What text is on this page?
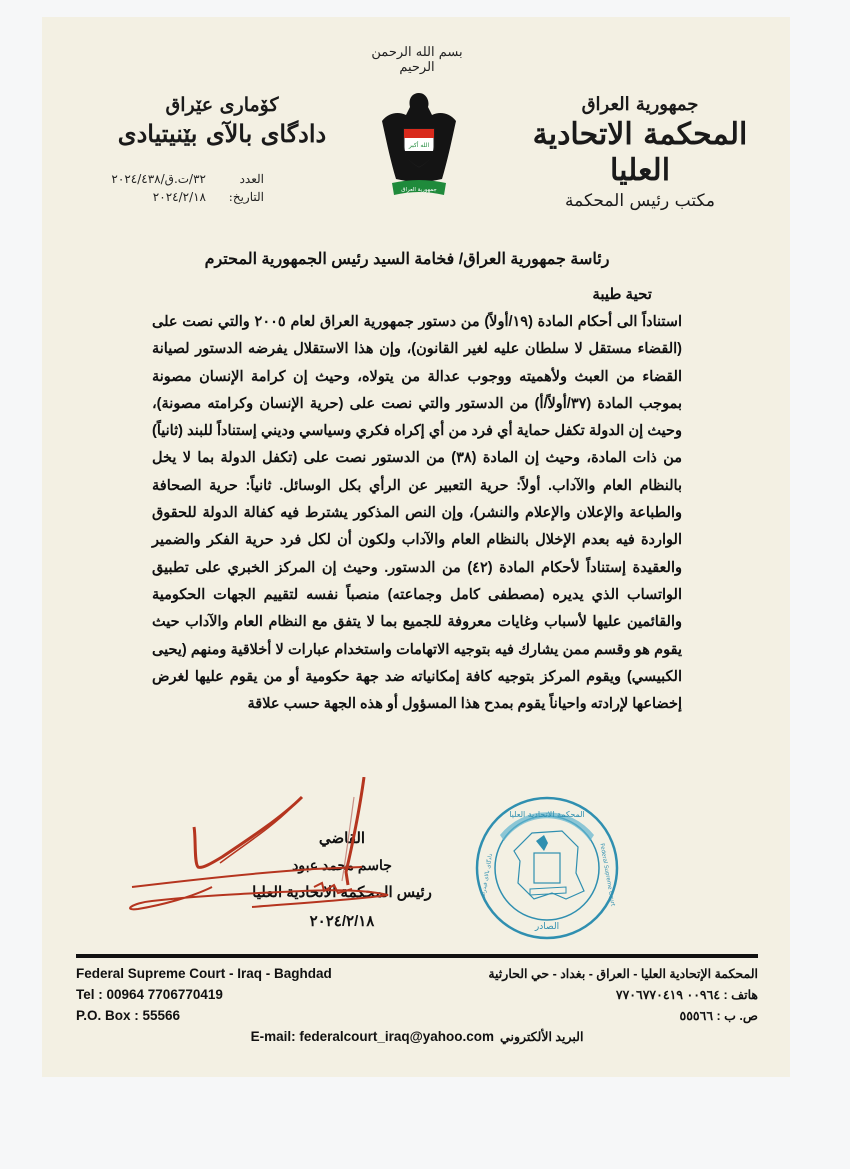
بسم الله الرحمن الرحيم
جمهورية العراق
المحكمة الاتحادية العليا
مكتب رئيس المحكمة
كۆماری عێراق
دادگای بالآی بێنیتیادی
العدد
٣٢/ت.ق/٢٠٢٤/٤٣٨
التاريخ:
٢٠٢٤/٢/١٨
الله أكبر
جمهورية العراق

رئاسة جمهورية العراق/ فخامة السيد رئيس الجمهورية المحترم

تحية طيبة

استناداً الى أحكام المادة (١٩/أولاً) من دستور جمهورية العراق لعام ٢٠٠٥ والتي نصت على (القضاء مستقل لا سلطان عليه لغير القانون)، وإن هذا الاستقلال يفرضه الدستور لصيانة القضاء من العبث ولأهميته ووجوب عدالة من يتولاه، وحيث إن كرامة الإنسان مصونة بموجب المادة (٣٧/أولاً/أ) من الدستور والتي نصت على (حرية الإنسان وكرامته مصونة)، وحيث إن الدولة تكفل حماية أي فرد من أي إكراه فكري وسياسي وديني إستناداً للبند (ثانياً) من ذات المادة، وحيث إن المادة (٣٨) من الدستور نصت على (تكفل الدولة بما لا يخل بالنظام العام والآداب. أولاً: حرية التعبير عن الرأي بكل الوسائل. ثانياً: حرية الصحافة والطباعة والإعلان والإعلام والنشر)، وإن النص المذكور يشترط فيه كفالة الدولة للحقوق الواردة فيه بعدم الإخلال بالنظام العام والآداب ولكون أن لكل فرد حرية الفكر والضمير والعقيدة إستناداً لأحكام المادة (٤٢) من الدستور. وحيث إن المركز الخبري على تطبيق الواتساب الذي يديره (مصطفى كامل وجماعته) منصباً نفسه لتقييم الجهات الحكومية والقائمين عليها لأسباب وغايات معروفة للجميع بما لا يتفق مع النظام العام والآداب حيث يقوم هو وقسم ممن يشارك فيه بتوجيه الاتهامات واستخدام عبارات لا أخلاقية ومنهم (يحيى الكبيسي) ويقوم المركز بتوجيه كافة إمكانياته ضد جهة حكومية أو من يقوم عليها لغرض إخضاعها لإرادته واحياناً يقوم بمدح هذا المسؤول أو هذه الجهة حسب علاقة

المحكمة الاتحادية العليا
الصادر
Federal Supreme Court
دادگای بالای فیدرالی
القاضي
جاسم محمد عبود
رئيس المحكمة الاتحادية العليا
٢٠٢٤/٢/١٨
Federal Supreme Court - Iraq - Baghdad	المحكمة الإتحادية العليا - العراق - بغداد - حي الحارثية
Tel : 00964 7706770419	هاتف : ٠٠٩٦٤ ٧٧٠٦٧٧٠٤١٩
P.O. Box : 55566	ص. ب : ٥٥٥٦٦
E-mail: federalcourt_iraq@yahoo.com البريد الألكتروني
